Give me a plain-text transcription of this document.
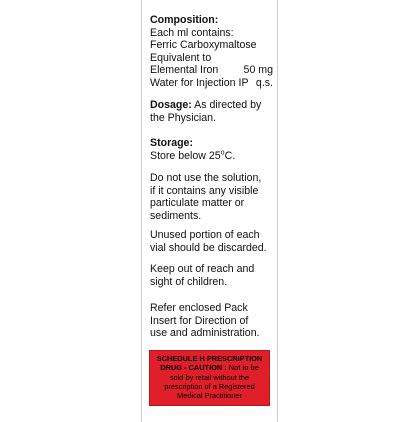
Composition:
Each ml contains:
Ferric Carboxymaltose
Equivalent to
Elemental Iron 50 mg
Water for Injection IP q.s.
Dosage: As directed by
the Physician.
Storage:
Store below 25$^o$C.
Do not use the solution,
if it contains any visible
particulate matter or
sediments.
Unused portion of each
vial should be discarded.
Keep out of reach and
sight of children.
Refer enclosed Pack
Insert for Direction of
use and administration.
SCHEDULE H PRESCRIPTION
DRUG - CAUTION : Not to be
sold by retail without the
prescription of a Registered
Medical Practitioner
